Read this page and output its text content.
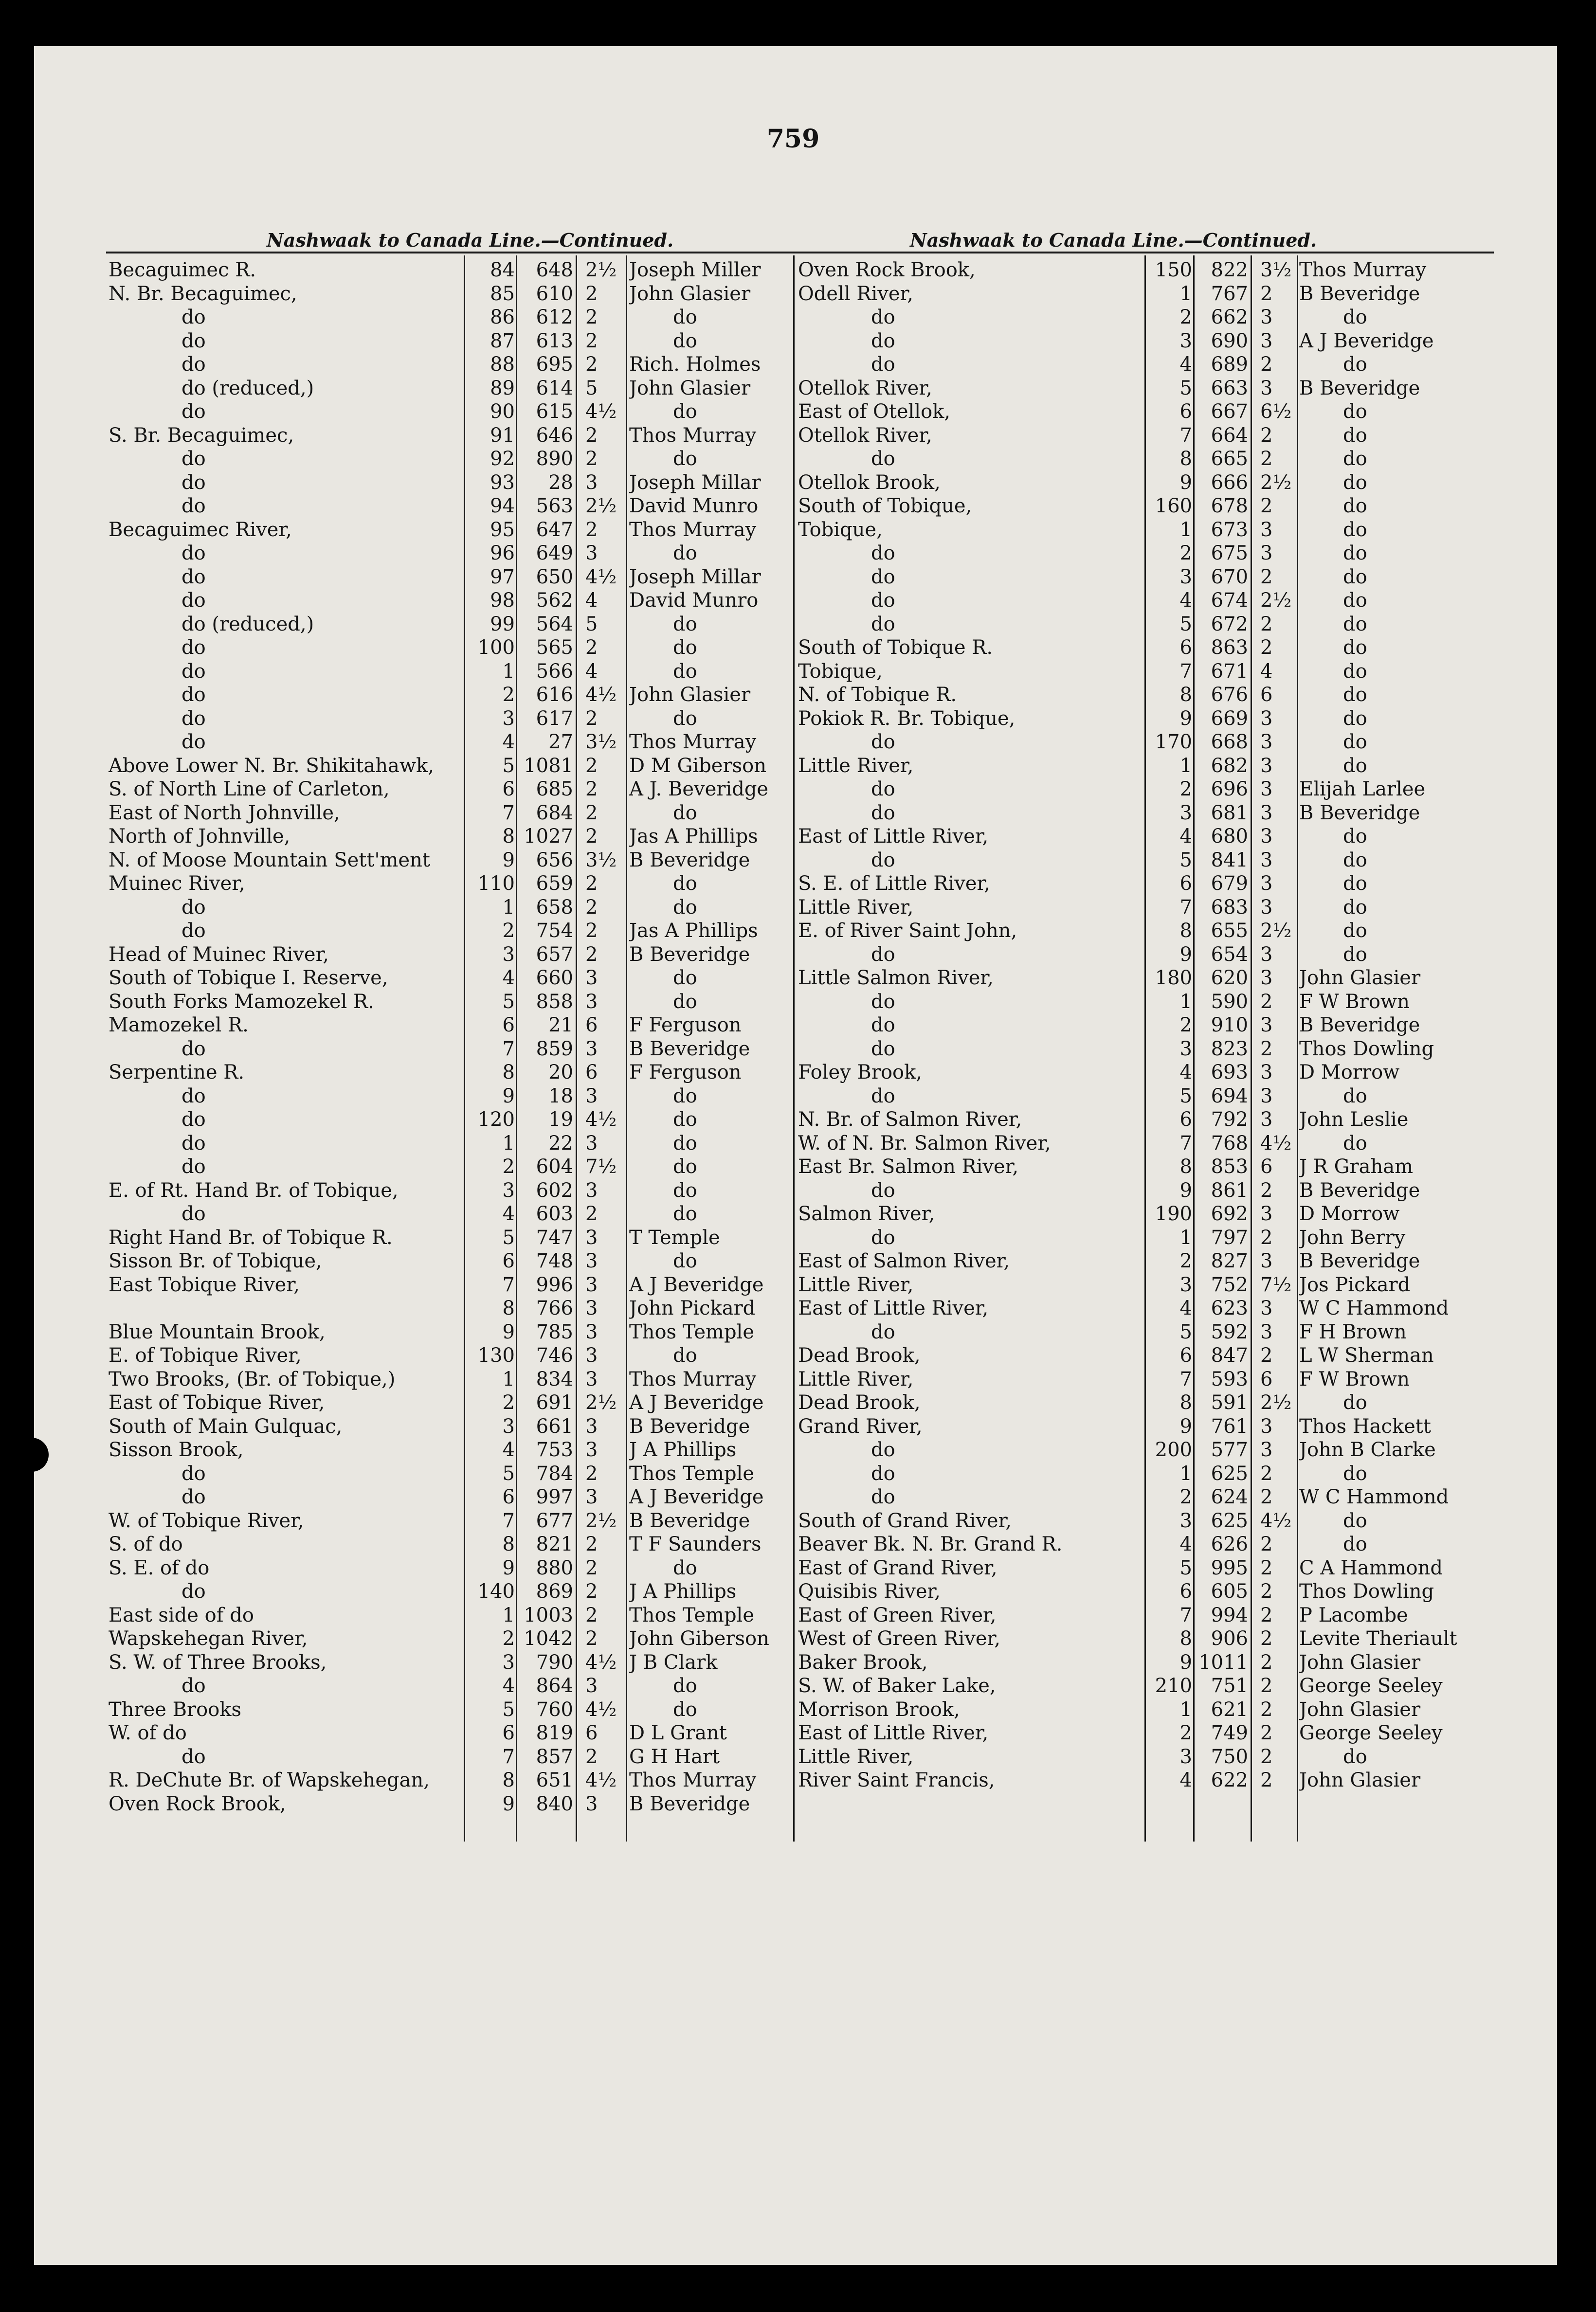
759
Nashwaak to Canada Line.—Continued.
Becaguimec R.	84	648 2½ Joseph Miller
N. Br. Becaguimec,	85	610 2	John Glasier
do	86	612 2	do
do	87	613 2	do
do	88	695 2	Rich. Holmes
do (reduced,)	89	614 5	John Glasier
do	90	615 4½	do
S. Br. Becaguimec,	91	646 2	Thos Murray
do	92	890 2	do
do	93	28 3	Joseph Millar
do	94	563 2½ David Munro
Becaguimec River,	95	647 2	Thos Murray
do	96	649 3	do
do	97	650 4½ Joseph Millar
do	98	562 4	David Munro
do (reduced,)	99	564 5	do
do	100	565 2	do
do	1	566 4	do
do	2	616 4½ John Glasier
do	3	617 2	do
do	4	27 3½ Thos Murray
Above Lower N. Br. Shikitahawk,	5 1081 2	D M Giberson
S. of North Line of Carleton,	6	685 2	A J. Beveridge
East of North Johnville,	7	684 2	do
North of Johnville,	8 1027 2	Jas A Phillips
N. of Moose Mountain Sett'ment	9	656 3½ B Beveridge
Muinec River,	110	659 2	do
do	1	658 2	do
do	2	754 2	Jas A Phillips
Head of Muinec River,	3	657 2	B Beveridge
South of Tobique I. Reserve,	4	660 3	do
South Forks Mamozekel R.	5	858 3	do
Mamozekel R.	6	21 6	F Ferguson
do	7	859 3	B Beveridge
Serpentine R.	8	20 6	F Ferguson
do	9	18 3	do
do	120	19 4½	do
do	1	22 3	do
do	2	604 7½	do
E. of Rt. Hand Br. of Tobique,	3	602 3	do
do	4	603 2	do
Right Hand Br. of Tobique R.	5	747 3	T Temple
Sisson Br. of Tobique,	6	748 3	do
East Tobique River,	7	996 3	A J Beveridge
8	766 3	John Pickard
Blue Mountain Brook,	9	785 3	Thos Temple
E. of Tobique River,	130	746 3	do
Two Brooks, (Br. of Tobique,)	1	834 3	Thos Murray
East of Tobique River,	2	691 2½ A J Beveridge
South of Main Gulquac,	3	661 3	B Beveridge
Sisson Brook,	4	753 3	J A Phillips
do	5	784 2	Thos Temple
do	6	997 3	A J Beveridge
W. of Tobique River,	7	677 2½ B Beveridge
S. of do	8	821 2	T F Saunders
S. E. of do	9	880 2	do
do	140	869 2	J A Phillips
East side of do	1 1003 2	Thos Temple
Wapskehegan River,	2 1042 2	John Giberson
S. W. of Three Brooks,	3	790 4½ J B Clark
do	4	864 3	do
Three Brooks	5	760 4½	do
W. of do	6	819 6	D L Grant
do	7	857 2	G H Hart
R. DeChute Br. of Wapskehegan,	8	651 4½ Thos Murray
Oven Rock Brook,	9	840 3	B Beveridge
Nashwaak to Canada Line.—Continued.
Oven Rock Brook,	150 822 3½ Thos Murray
Odell River,	1 767 2	B Beveridge
do	2 662 3	do
do	3 690 3	A J Beveridge
do	4 689 2	do
Otellok River,	5 663 3	B Beveridge
East of Otellok,	6 667 6½	do
Otellok River,	7 664 2	do
do	8 665 2	do
Otellok Brook,	9 666 2½	do
South of Tobique,	160 678 2	do
Tobique,	1 673 3	do
do	2 675 3	do
do	3 670 2	do
do	4 674 2½	do
do	5 672 2	do
South of Tobique R.	6 863 2	do
Tobique,	7 671 4	do
N. of Tobique R.	8 676 6	do
Pokiok R. Br. Tobique,	9 669 3	do
do	170 668 3	do
Little River,	1 682 3	do
do	2 696 3	Elijah Larlee
do	3 681 3	B Beveridge
East of Little River,	4 680 3	do
do	5 841 3	do
S. E. of Little River,	6 679 3	do
Little River,	7 683 3	do
E. of River Saint John,	8 655 2½	do
do	9 654 3	do
Little Salmon River,	180 620 3	John Glasier
do	1 590 2	F W Brown
do	2 910 3	B Beveridge
do	3 823 2	Thos Dowling
Foley Brook,	4 693 3	D Morrow
do	5 694 3	do
N. Br. of Salmon River,	6 792 3	John Leslie
W. of N. Br. Salmon River,	7 768 4½	do
East Br. Salmon River,	8 853 6	J R Graham
do	9 861 2	B Beveridge
Salmon River,	190 692 3	D Morrow
do	1 797 2	John Berry
East of Salmon River,	2 827 3	B Beveridge
Little River,	3 752 7½ Jos Pickard
East of Little River,	4 623 3	W C Hammond
do	5 592 3	F H Brown
Dead Brook,	6 847 2	L W Sherman
Little River,	7 593 6	F W Brown
Dead Brook,	8 591 2½	do
Grand River,	9 761 3	Thos Hackett
do	200 577 3	John B Clarke
do	1 625 2	do
do	2 624 2	W C Hammond
South of Grand River,	3 625 4½	do
Beaver Bk. N. Br. Grand R.	4 626 2	do
East of Grand River,	5 995 2	C A Hammond
Quisibis River,	6 605 2	Thos Dowling
East of Green River,	7 994 2	P Lacombe
West of Green River,	8 906 2	Levite Theriault
Baker Brook,	9 1011 2	John Glasier
S. W. of Baker Lake,	210 751 2	George Seeley
Morrison Brook,	1 621 2	John Glasier
East of Little River,	2 749 2	George Seeley
Little River,	3 750 2	do
River Saint Francis,	4 622 2	John Glasier
